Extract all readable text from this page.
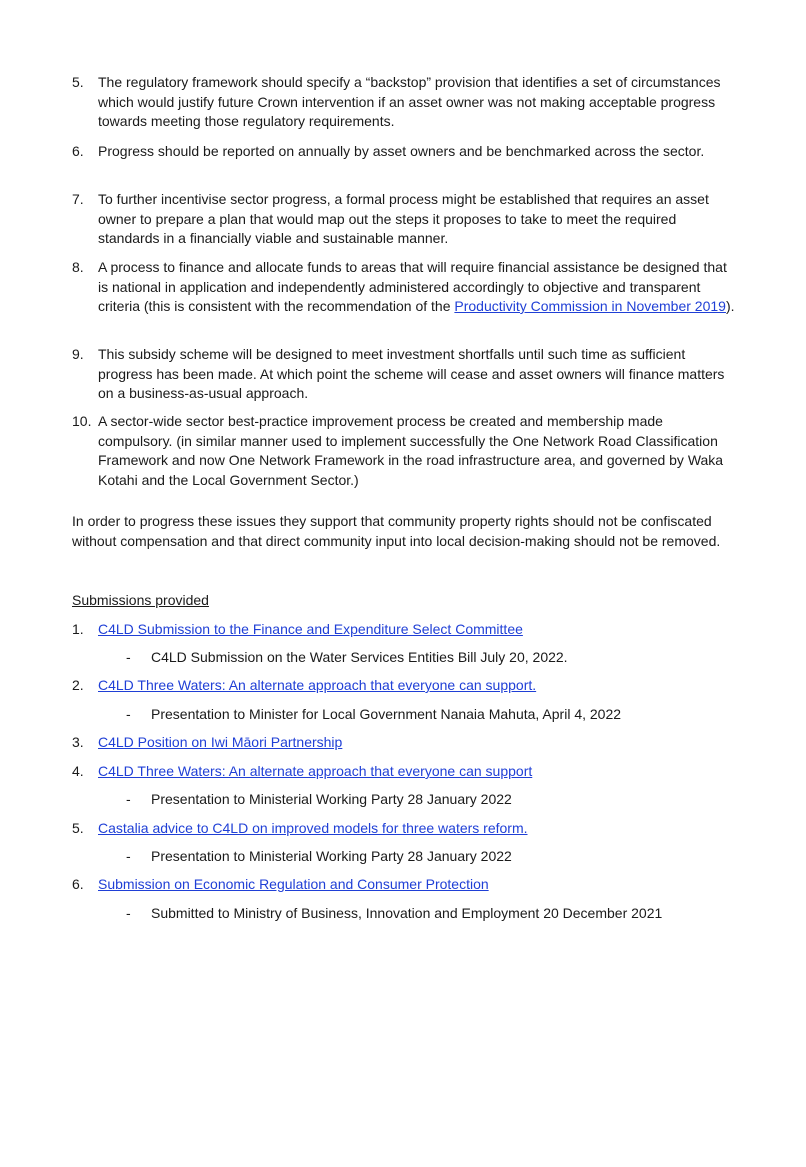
5. The regulatory framework should specify a “backstop” provision that identifies a set of circumstances which would justify future Crown intervention if an asset owner was not making acceptable progress towards meeting those regulatory requirements.
6. Progress should be reported on annually by asset owners and be benchmarked across the sector.
7. To further incentivise sector progress, a formal process might be established that requires an asset owner to prepare a plan that would map out the steps it proposes to take to meet the required standards in a financially viable and sustainable manner.
8. A process to finance and allocate funds to areas that will require financial assistance be designed that is national in application and independently administered accordingly to objective and transparent criteria (this is consistent with the recommendation of the Productivity Commission in November 2019).
9. This subsidy scheme will be designed to meet investment shortfalls until such time as sufficient progress has been made. At which point the scheme will cease and asset owners will finance matters on a business-as-usual approach.
10. A sector-wide sector best-practice improvement process be created and membership made compulsory. (in similar manner used to implement successfully the One Network Road Classification Framework and now One Network Framework in the road infrastructure area, and governed by Waka Kotahi and the Local Government Sector.)
In order to progress these issues they support that community property rights should not be confiscated without compensation and that direct community input into local decision-making should not be removed.
Submissions provided
1. C4LD Submission to the Finance and Expenditure Select Committee
- C4LD Submission on the Water Services Entities Bill July 20, 2022.
2. C4LD Three Waters: An alternate approach that everyone can support.
- Presentation to Minister for Local Government Nanaia Mahuta, April 4, 2022
3. C4LD Position on Iwi Māori Partnership
4. C4LD Three Waters: An alternate approach that everyone can support
- Presentation to Ministerial Working Party 28 January 2022
5. Castalia advice to C4LD on improved models for three waters reform.
- Presentation to Ministerial Working Party 28 January 2022
6. Submission on Economic Regulation and Consumer Protection
- Submitted to Ministry of Business, Innovation and Employment 20 December 2021
